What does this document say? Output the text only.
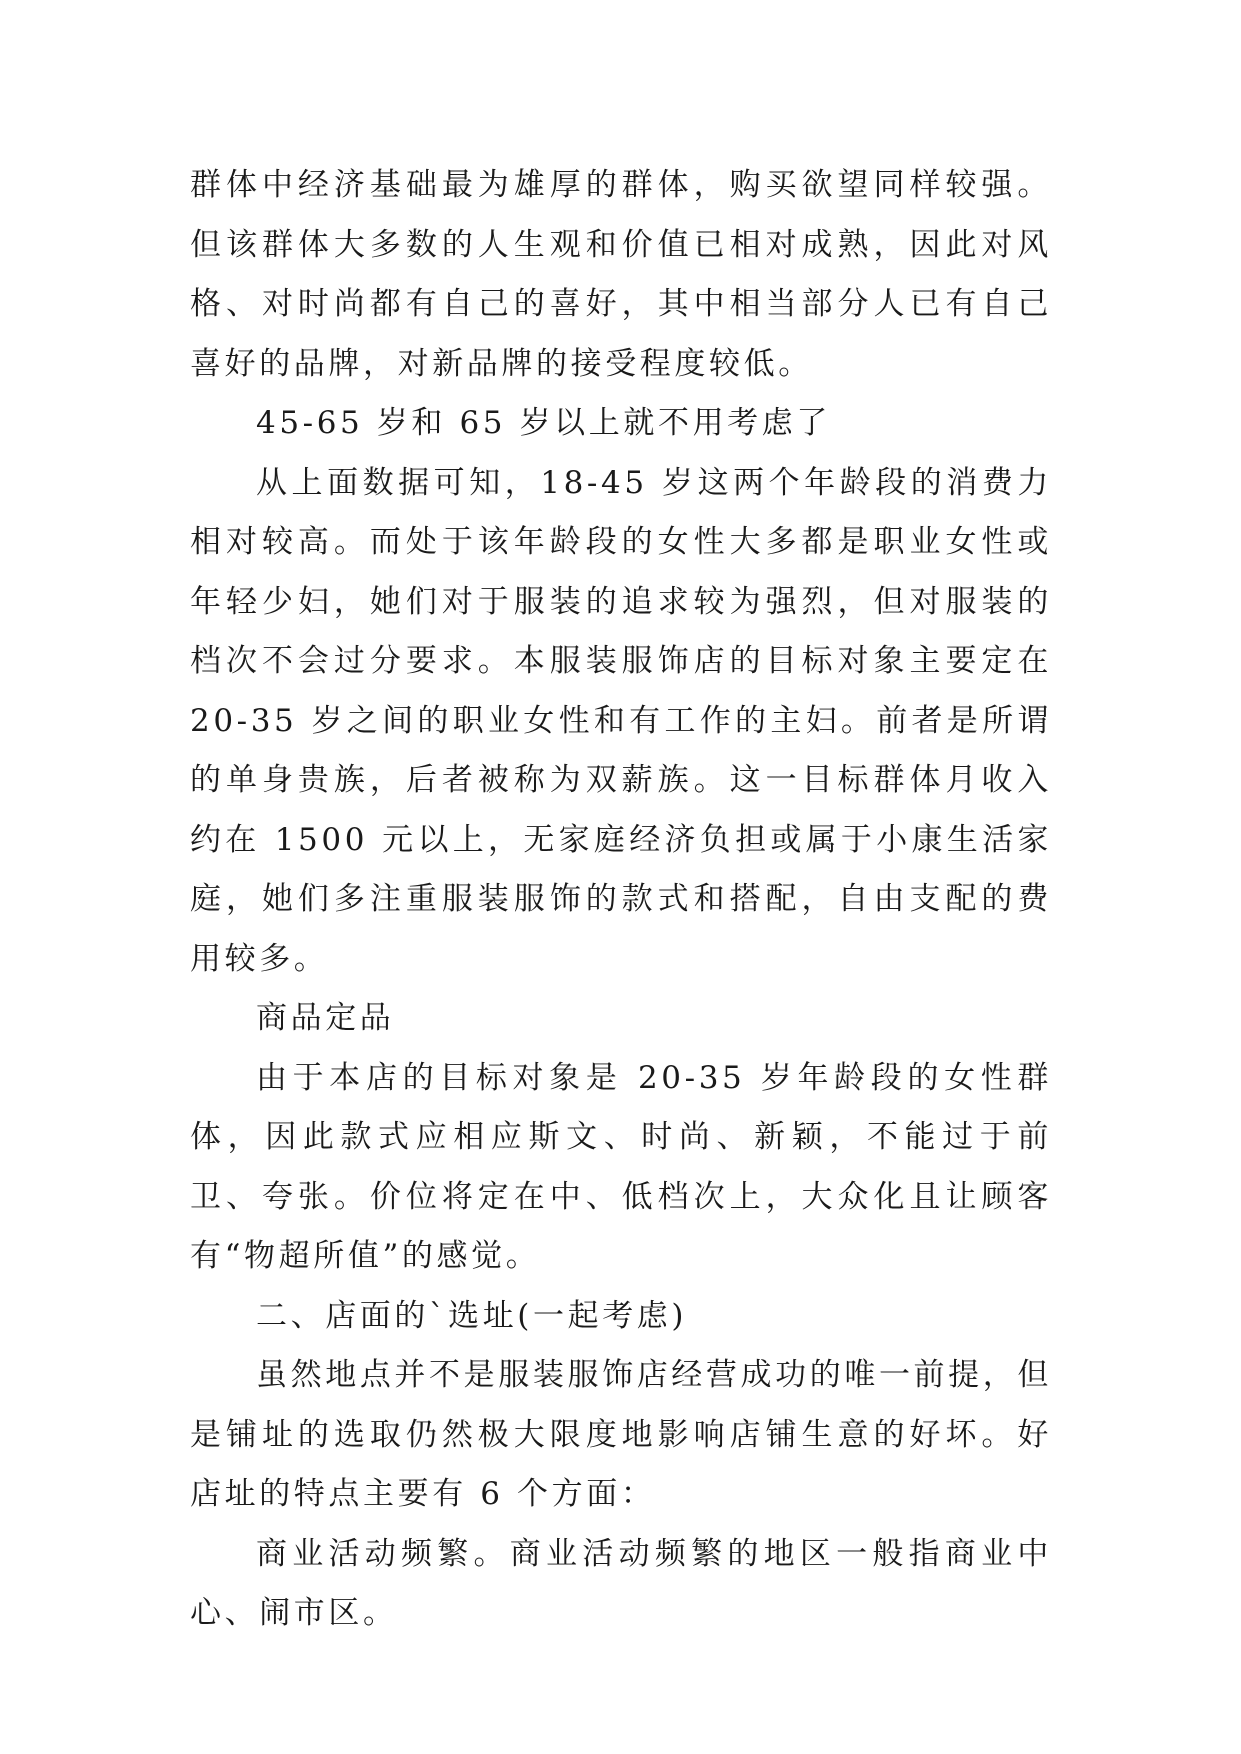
群体中经济基础最为雄厚的群体，购买欲望同样较强。但该群体大多数的人生观和价值已相对成熟，因此对风格、对时尚都有自己的喜好，其中相当部分人已有自己喜好的品牌，对新品牌的接受程度较低。

45-65 岁和 65 岁以上就不用考虑了

从上面数据可知，18-45 岁这两个年龄段的消费力相对较高。而处于该年龄段的女性大多都是职业女性或年轻少妇，她们对于服装的追求较为强烈，但对服装的档次不会过分要求。本服装服饰店的目标对象主要定在 20-35 岁之间的职业女性和有工作的主妇。前者是所谓的单身贵族，后者被称为双薪族。这一目标群体月收入约在 1500 元以上，无家庭经济负担或属于小康生活家庭，她们多注重服装服饰的款式和搭配，自由支配的费用较多。

商品定品

由于本店的目标对象是 20-35 岁年龄段的女性群体，因此款式应相应斯文、时尚、新颖，不能过于前卫、夸张。价位将定在中、低档次上，大众化且让顾客有“物超所值”的感觉。

二、店面的`选址(一起考虑)

虽然地点并不是服装服饰店经营成功的唯一前提，但是铺址的选取仍然极大限度地影响店铺生意的好坏。好店址的特点主要有 6 个方面：

商业活动频繁。商业活动频繁的地区一般指商业中心、闹市区。
